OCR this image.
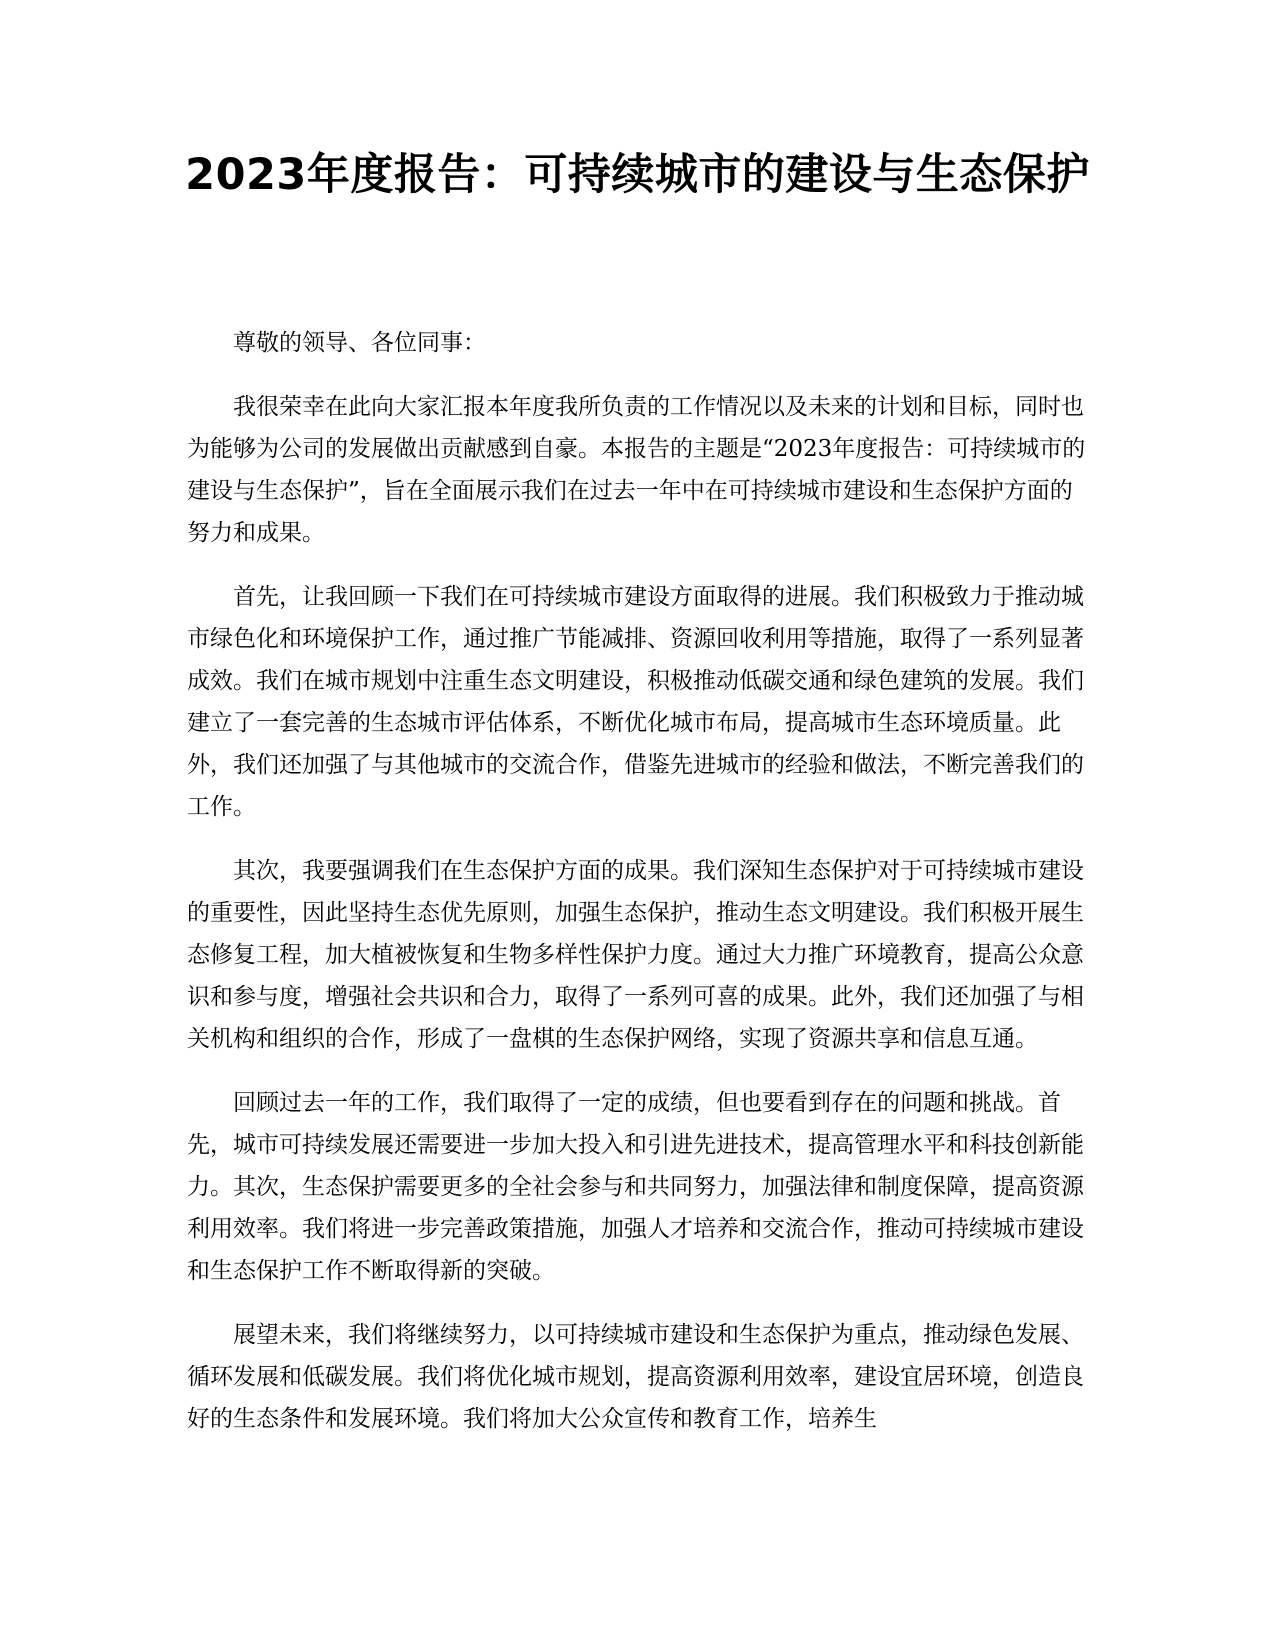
2023年度报告：可持续城市的建设与生态保护

尊敬的领导、各位同事：

我很荣幸在此向大家汇报本年度我所负责的工作情况以及未来的计划和目标，同时也为能够为公司的发展做出贡献感到自豪。本报告的主题是“2023年度报告：可持续城市的建设与生态保护”，旨在全面展示我们在过去一年中在可持续城市建设和生态保护方面的努力和成果。

首先，让我回顾一下我们在可持续城市建设方面取得的进展。我们积极致力于推动城市绿色化和环境保护工作，通过推广节能减排、资源回收利用等措施，取得了一系列显著成效。我们在城市规划中注重生态文明建设，积极推动低碳交通和绿色建筑的发展。我们建立了一套完善的生态城市评估体系，不断优化城市布局，提高城市生态环境质量。此外，我们还加强了与其他城市的交流合作，借鉴先进城市的经验和做法，不断完善我们的工作。

其次，我要强调我们在生态保护方面的成果。我们深知生态保护对于可持续城市建设的重要性，因此坚持生态优先原则，加强生态保护，推动生态文明建设。我们积极开展生态修复工程，加大植被恢复和生物多样性保护力度。通过大力推广环境教育，提高公众意识和参与度，增强社会共识和合力，取得了一系列可喜的成果。此外，我们还加强了与相关机构和组织的合作，形成了一盘棋的生态保护网络，实现了资源共享和信息互通。

回顾过去一年的工作，我们取得了一定的成绩，但也要看到存在的问题和挑战。首先，城市可持续发展还需要进一步加大投入和引进先进技术，提高管理水平和科技创新能力。其次，生态保护需要更多的全社会参与和共同努力，加强法律和制度保障，提高资源利用效率。我们将进一步完善政策措施，加强人才培养和交流合作，推动可持续城市建设和生态保护工作不断取得新的突破。

展望未来，我们将继续努力，以可持续城市建设和生态保护为重点，推动绿色发展、循环发展和低碳发展。我们将优化城市规划，提高资源利用效率，建设宜居环境，创造良好的生态条件和发展环境。我们将加大公众宣传和教育工作，培养生
